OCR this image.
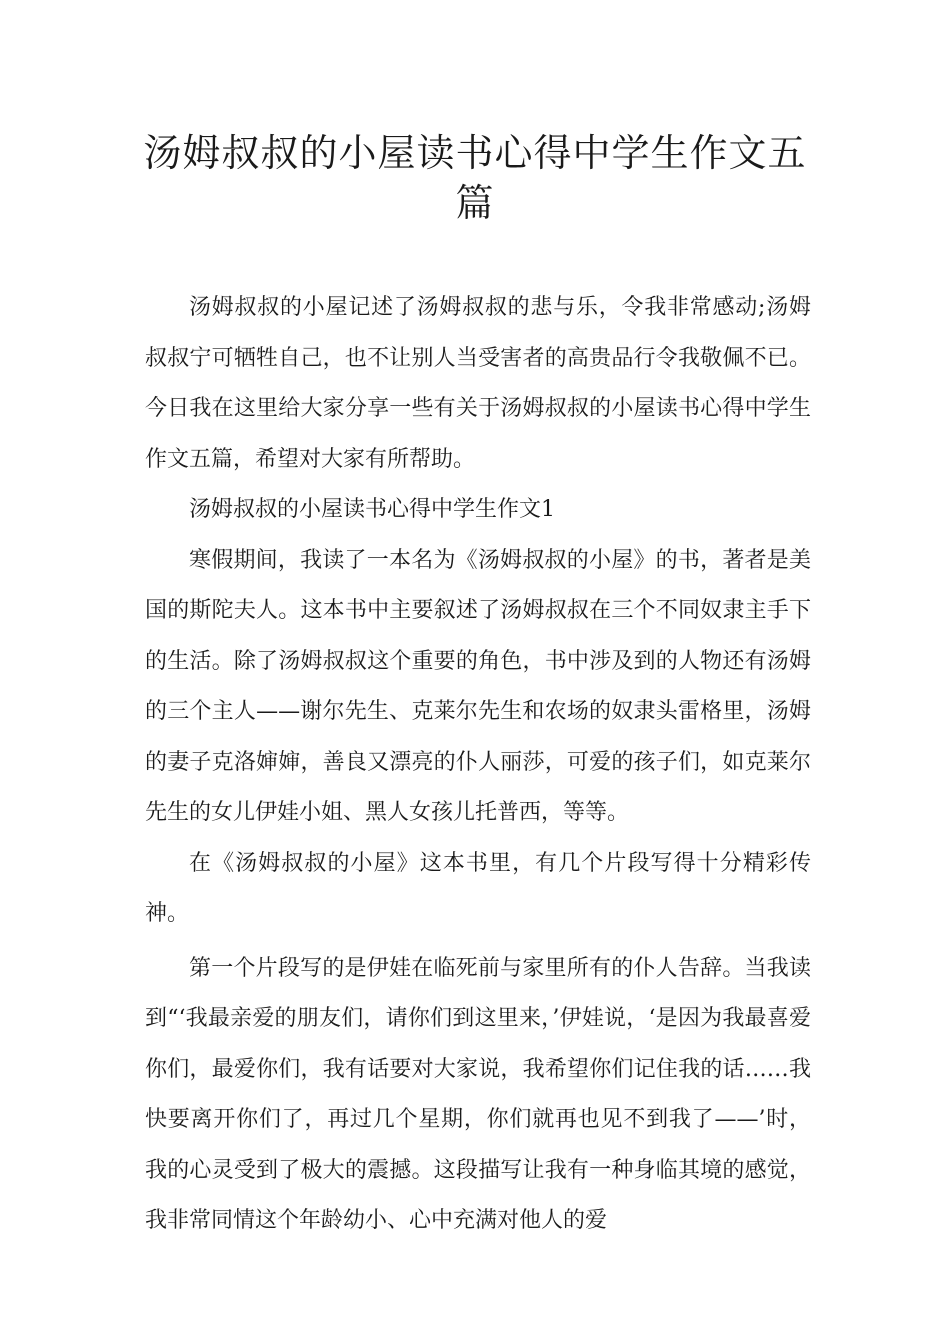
汤姆叔叔的小屋读书心得中学生作文五篇

汤姆叔叔的小屋记述了汤姆叔叔的悲与乐，令我非常感动;汤姆叔叔宁可牺牲自己，也不让别人当受害者的高贵品行令我敬佩不已。今日我在这里给大家分享一些有关于汤姆叔叔的小屋读书心得中学生作文五篇，希望对大家有所帮助。

汤姆叔叔的小屋读书心得中学生作文1

寒假期间，我读了一本名为《汤姆叔叔的小屋》的书，著者是美国的斯陀夫人。这本书中主要叙述了汤姆叔叔在三个不同奴隶主手下的生活。除了汤姆叔叔这个重要的角色，书中涉及到的人物还有汤姆的三个主人——谢尔先生、克莱尔先生和农场的奴隶头雷格里，汤姆的妻子克洛婶婶，善良又漂亮的仆人丽莎，可爱的孩子们，如克莱尔先生的女儿伊娃小姐、黑人女孩儿托普西，等等。

在《汤姆叔叔的小屋》这本书里，有几个片段写得十分精彩传神。

第一个片段写的是伊娃在临死前与家里所有的仆人告辞。当我读到“‘我最亲爱的朋友们，请你们到这里来，’伊娃说，‘是因为我最喜爱你们，最爱你们，我有话要对大家说，我希望你们记住我的话……我快要离开你们了，再过几个星期，你们就再也见不到我了——’时，我的心灵受到了极大的震撼。这段描写让我有一种身临其境的感觉，我非常同情这个年龄幼小、心中充满对他人的爱
